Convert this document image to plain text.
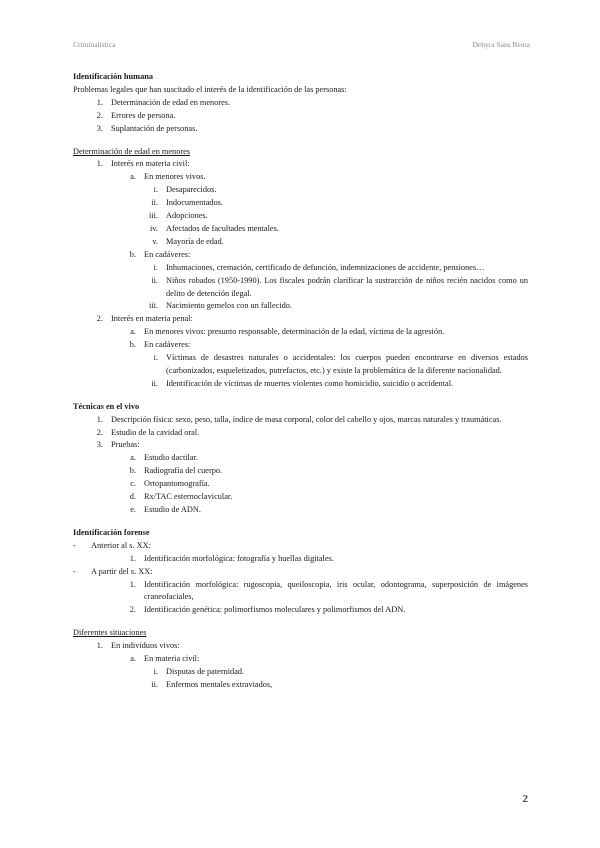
Criminalística	Dehyra Sans Reina
Identificación humana
Problemas legales que han suscitado el interés de la identificación de las personas:
1. Determinación de edad en menores.
2. Errores de persona.
3. Suplantación de personas.
Determinación de edad en menores
1. Interés en materia civil:
a. En menores vivos.
i. Desaparecidos.
ii. Indocumentados.
iii. Adopciones.
iv. Afectados de facultades mentales.
v. Mayoría de edad.
b. En cadáveres:
i. Inhumaciones, cremación, certificado de defunción, indemnizaciones de accidente, pensiones…
ii. Niños robados (1950-1990). Los fiscales podrán clarificar la sustracción de niños recién nacidos como un delito de detención ilegal.
iii. Nacimiento gemelos con un fallecido.
2. Interés en materia penal:
a. En menores vivos: presunto responsable, determinación de la edad, víctima de la agresión.
b. En cadáveres:
i. Víctimas de desastres naturales o accidentales: los cuerpos pueden encontrarse en diversos estados (carbonizados, esqueletizados, putrefactos, etc.) y existe la problemática de la diferente nacionalidad.
ii. Identificación de víctimas de muertes violentes como homicidio, suicidio o accidental.
Técnicas en el vivo
1. Descripción física: sexo, peso, talla, índice de masa corporal, color del cabello y ojos, marcas naturales y traumáticas.
2. Estudio de la cavidad oral.
3. Pruebas:
a. Estudio dactilar.
b. Radiografía del cuerpo.
c. Ortopantomografía.
d. Rx/TAC esternoclavicular.
e. Estudio de ADN.
Identificación forense
-	Anterior al s. XX:
1. Identificación morfológica: fotografía y huellas digitales.
-	A partir del s. XX:
1. Identificación morfológica: rugoscopia, queiloscopia, iris ocular, odontograma, superposición de imágenes craneofaciales,
2. Identificación genética: polimorfismos moleculares y polimorfismos del ADN.
Diferentes situaciones
1. En individuos vivos:
a. En materia civil:
i. Disputas de paternidad.
ii. Enfermos mentales extraviados,
2
